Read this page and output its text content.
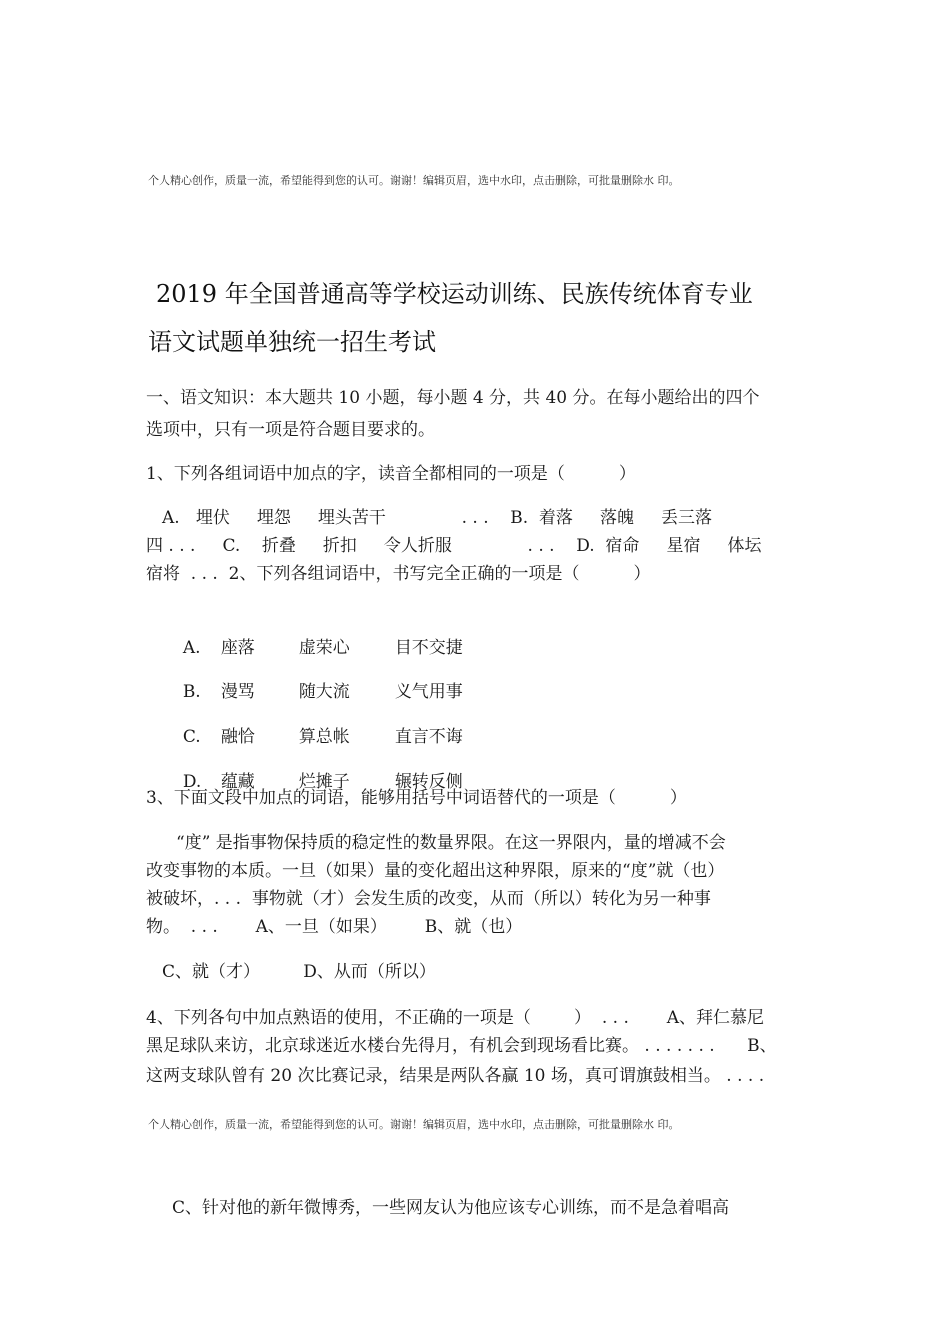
个人精心创作，质量一流，希望能得到您的认可。谢谢！编辑页眉，选中水印，点击删除，可批量删除水 印。
2019 年全国普通高等学校运动训练、民族传统体育专业
语文试题单独统一招生考试
一、语文知识：本大题共 10 小题，每小题 4 分，共 40 分。在每小题给出的四个
选项中，只有一项是符合题目要求的。
1、下列各组词语中加点的字，读音全都相同的一项是（          ）
A.   埋伏     埋怨     埋头苦干              . . .    B.  着落     落魄     丢三落
四 . . .     C.    折叠     折扣     令人折服              . . .    D.  宿命     星宿     体坛
宿将  . . .  2、下列各组词语中，书写完全正确的一项是（          ）

A. 座落	虚荣心	目不交捷

B. 漫骂	随大流	义气用事

C. 融恰	算总帐	直言不诲

D. 蕴藏	烂摊子	辗转反侧

3、下面文段中加点的词语，能够用括号中词语替代的一项是（          ）
“度” 是指事物保持质的稳定性的数量界限。在这一界限内，量的增减不会
改变事物的本质。一旦（如果）量的变化超出这种界限，原来的“度”就（也）
被破坏，. . .  事物就（才）会发生质的改变，从而（所以）转化为另一种事
物。  . . .       A、一旦（如果）       B、就（也）
C、就（才）        D、从而（所以）
4、下列各句中加点熟语的使用，不正确的一项是（        ）  . . .       A、拜仁慕尼
黑足球队来访，北京球迷近水楼台先得月，有机会到现场看比赛。 . . . . . . .      B、
这两支球队曾有 20 次比赛记录，结果是两队各赢 10 场，真可谓旗鼓相当。 . . . .
个人精心创作，质量一流，希望能得到您的认可。谢谢！编辑页眉，选中水印，点击删除，可批量删除水 印。
C、针对他的新年微博秀，一些网友认为他应该专心训练，而不是急着唱高
